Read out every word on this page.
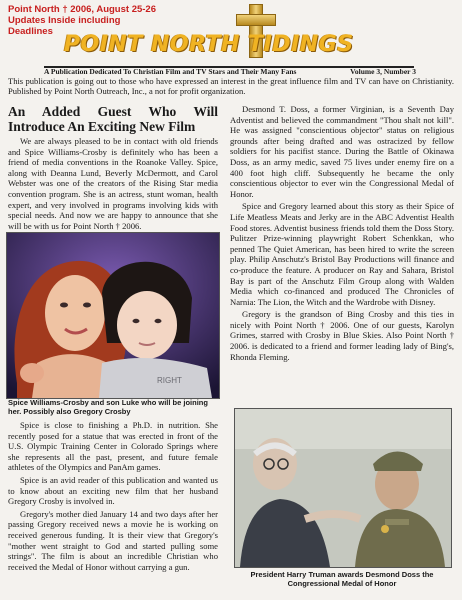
Point North † 2006, August 25-26
Updates Inside including Deadlines
POINT NORTH TIDINGS
A Publication Dedicated To Christian Film and TV Stars and Their Many Fans	Volume 3, Number 3
This publication is going out to those who have expressed an interest in the great influence film and TV can have on Christianity. Published by Point North Outreach, Inc., a not for profit organization.
An Added Guest Who Will Introduce An Exciting New Film

We are always pleased to be in contact with old friends and Spice Williams-Crosby is definitely who has been a friend of media conventions in the Roanoke Valley. Spice, along with Deanna Lund, Beverly McDermott, and Carol Webster was one of the creators of the Rising Star media convention program. She is an actress, stunt woman, health expert, and very involved in programs involving kids with special needs. And now we are happy to announce that she will be with us for Point North † 2006.

RIGHT
Spice Williams-Crosby and son Luke who will be joining her. Possibly also Gregory Crosby

Spice is close to finishing a Ph.D. in nutrition. She recently posed for a statue that was erected in front of the U.S. Olympic Training Center in Colorado Springs where she represents all the past, present, and future female athletes of the Olympics and PanAm games.

Spice is an avid reader of this publication and wanted us to know about an exciting new film that her husband Gregory Crosby is involved in.

Gregory's mother died January 14 and two days after her passing Gregory received news a movie he is working on received generous funding. It is their view that Gregory's "mother went straight to God and started pulling some strings". The film is about an incredible Christian who received the Medal of Honor without carrying a gun.

Desmond T. Doss, a former Virginian, is a Seventh Day Adventist and believed the commandment "Thou shalt not kill". He was assigned "conscientious objector" status on religious grounds after being drafted and was ostracized by fellow soldiers for his pacifist stance. During the Battle of Okinawa Doss, as an army medic, saved 75 lives under enemy fire on a 400 foot high cliff. Subsequently he became the only conscientious objector to ever win the Congressional Medal of Honor.

Spice and Gregory learned about this story as their Spice of Life Meatless Meats and Jerky are in the ABC Adventist Health Food stores. Adventist business friends told them the Doss Story. Pulitzer Prize-winning playwright Robert Schenkkan, who penned The Quiet American, has been hired to write the screen play. Philip Anschutz's Bristol Bay Productions will finance and co-produce the feature. A producer on Ray and Sahara, Bristol Bay is part of the Anschutz Film Group along with Walden Media which co-financed and produced The Chronicles of Narnia: The Lion, the Witch and the Wardrobe with Disney.

Gregory is the grandson of Bing Crosby and this ties in nicely with Point North † 2006. One of our guests, Karolyn Grimes, starred with Crosby in Blue Skies. Also Point North † 2006. is dedicated to a friend and former leading lady of Bing's, Rhonda Fleming.

President Harry Truman awards Desmond Doss the Congressional Medal of Honor
